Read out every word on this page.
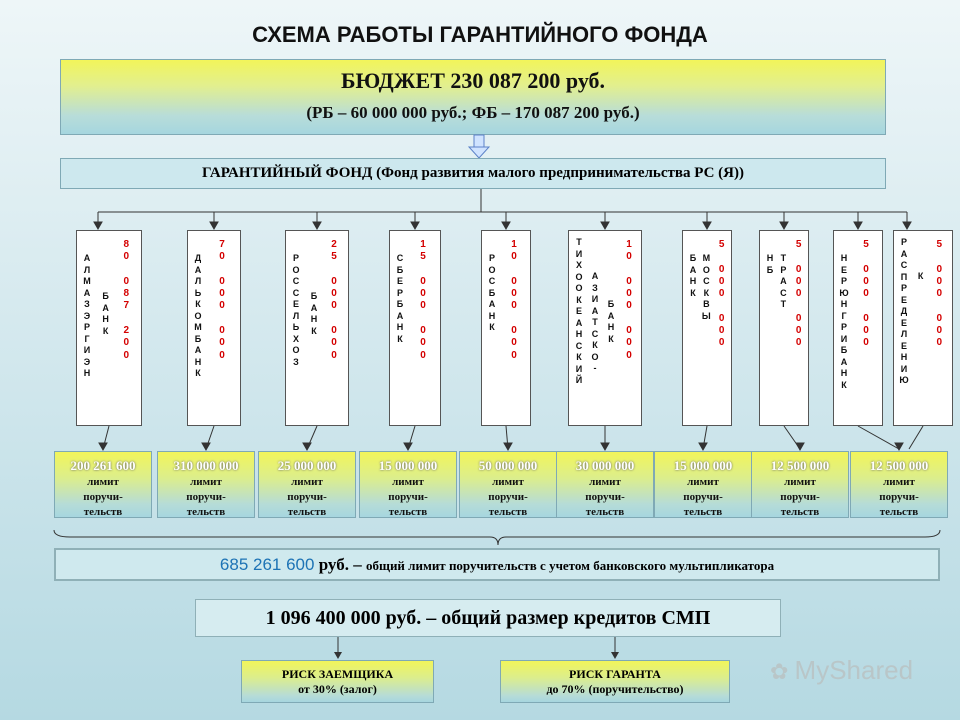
СХЕМА РАБОТЫ ГАРАНТИЙНОГО ФОНДА
БЮДЖЕТ 230 087 200 руб.
(РБ – 60 000 000 руб.; ФБ – 170 087 200 руб.)
ГАРАНТИЙНЫЙ ФОНД (Фонд развития малого предпринимательства РС (Я))
А
Л
М
А
З
Э
Р
Г
И
Э
Н
Б
А
Н
К
8
0

0
8
7

2
0
0
Д
А
Л
Ь
К
О
М
Б
А
Н
К
7
0

0
0
0

0
0
0
Р
О
С
C
Е
Л
Ь
Х
О
З
Б
А
Н
К
2
5

0
0
0

0
0
0
С
Б
Е
Р
Б
А
Н
К
1
5

0
0
0

0
0
0
Р
О
С
Б
А
Н
К
1
0

0
0
0

0
0
0
Т
И
Х
О
О
К
Е
А
Н
С
К
И
Й
А
З
И
А
Т
С
К
О
-
Б
А
Н
К
1
0

0
0
0

0
0
0
Б
А
Н
К
М
О
С
К
В
Ы
5

0
0
0

0
0
0
Н
Б
Т
Р
А
С
Т
5

0
0
0

0
0
0
Н
Е
Р
Ю
Н
Г
Р
И
Б
А
Н
К
5

0
0
0

0
0
0
Р
А
С
П
Р
Е
Д
Е
Л
Е
Н
И
Ю
К
5

0
0
0

0
0
0
200 261 600
лимит
поручи-
тельств
310 000 000
лимит
поручи-
тельств
25 000 000
лимит
поручи-
тельств
15 000 000
лимит
поручи-
тельств
50 000 000
лимит
поручи-
тельств
30 000 000
лимит
поручи-
тельств
15 000 000
лимит
поручи-
тельств
12 500 000
лимит
поручи-
тельств
12 500 000
лимит
поручи-
тельств
685 261 600 руб. – общий лимит поручительств с учетом банковского мультипликатора
1 096 400 000 руб. – общий размер кредитов СМП
РИСК ЗАЕМЩИКА
от 30% (залог)
РИСК ГАРАНТА
до 70% (поручительство)
✿ MyShared
